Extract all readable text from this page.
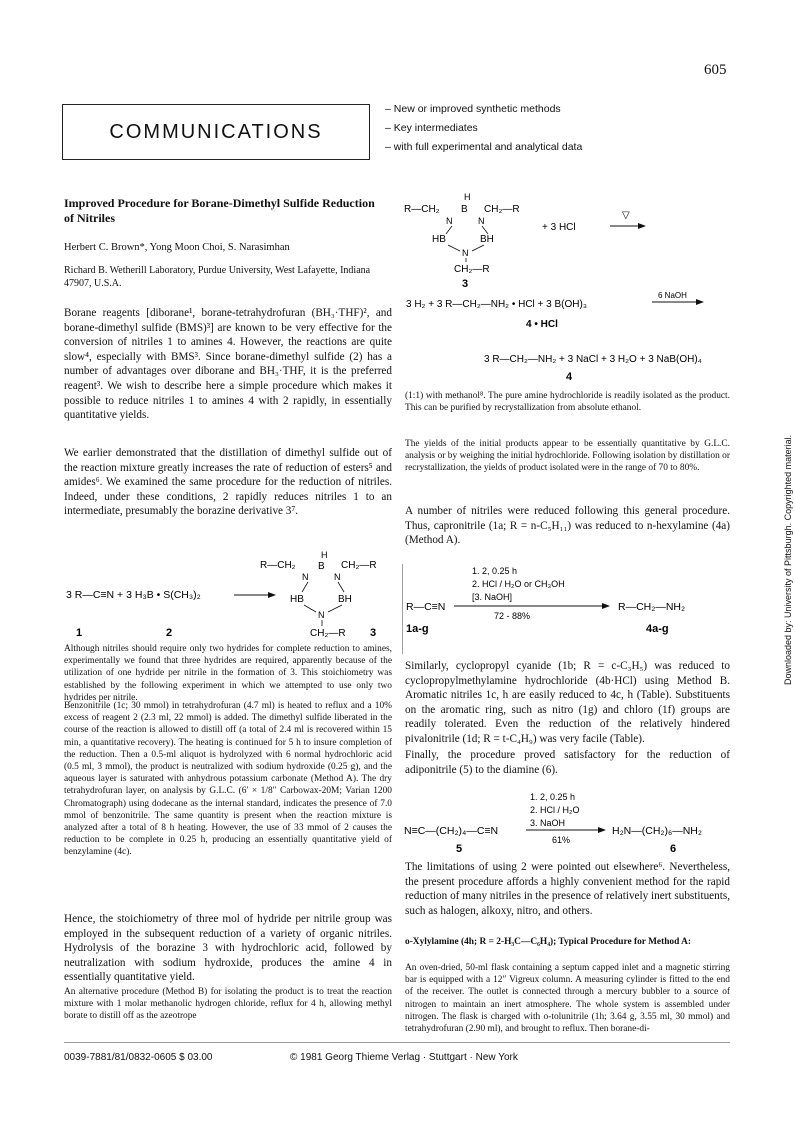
605
COMMUNICATIONS
– New or improved synthetic methods
– Key intermediates
– with full experimental and analytical data
Improved Procedure for Borane-Dimethyl Sulfide Reduction of Nitriles
Herbert C. Brown*, Yong Moon Choi, S. Narasimhan
Richard B. Wetherill Laboratory, Purdue University, West Lafayette, Indiana 47907, U.S.A.

Borane reagents [diborane¹, borane-tetrahydrofuran (BH₃·THF)², and borane-dimethyl sulfide (BMS)³] are known to be very effective for the conversion of nitriles 1 to amines 4. However, the reactions are quite slow⁴, especially with BMS³. Since borane-dimethyl sulfide (2) has a number of advantages over diborane and BH₃·THF, it is the preferred reagent³. We wish to describe here a simple procedure which makes it possible to reduce nitriles 1 to amines 4 with 2 rapidly, in essentially quantitative yields.

We earlier demonstrated that the distillation of dimethyl sulfide out of the reaction mixture greatly increases the rate of reduction of esters⁵ and amides⁶. We examined the same procedure for the reduction of nitriles. Indeed, under these conditions, 2 rapidly reduces nitriles 1 to an intermediate, presumably the borazine derivative 3⁷.

3 R—C≡N + 3 H₃B • S(CH₃)₂
R—CH₂
H
B CH₂—R
N	N
HB	BH
N
CH₂—R
1	2	3

Although nitriles should require only two hydrides for complete reduction to amines, experimentally we found that three hydrides are required, apparently because of the utilization of one hydride per nitrile in the formation of 3. This stoichiometry was established by the following experiment in which we attempted to use only two hydrides per nitrile.

Benzonitrile (1c; 30 mmol) in tetrahydrofuran (4.7 ml) is heated to reflux and a 10% excess of reagent 2 (2.3 ml, 22 mmol) is added. The dimethyl sulfide liberated in the course of the reaction is allowed to distill off (a total of 2.4 ml is recovered within 15 min, a quantitative recovery). The heating is continued for 5 h to insure completion of the reduction. Then a 0.5-ml aliquot is hydrolyzed with 6 normal hydrochloric acid (0.5 ml, 3 mmol), the product is neutralized with sodium hydroxide (0.25 g), and the aqueous layer is saturated with anhydrous potassium carbonate (Method A). The dry tetrahydrofuran layer, on analysis by G.L.C. (6′ × 1/8″ Carbowax-20M; Varian 1200 Chromatograph) using dodecane as the internal standard, indicates the presence of 7.0 mmol of benzonitrile. The same quantity is present when the reaction mixture is analyzed after a total of 8 h heating. However, the use of 33 mmol of 2 causes the reduction to be complete in 0.25 h, producing an essentially quantitative yield of benzylamine (4c).

Hence, the stoichiometry of three mol of hydride per nitrile group was employed in the subsequent reduction of a variety of organic nitriles. Hydrolysis of the borazine 3 with hydrochloric acid, followed by neutralization with sodium hydroxide, produces the amine 4 in essentially quantitative yield.

An alternative procedure (Method B) for isolating the product is to treat the reaction mixture with 1 molar methanolic hydrogen chloride, reflux for 4 h, allowing methyl borate to distill off as the azeotrope

R—CH₂
H
B CH₂—R
N	N
HB	BH
N
CH₂—R
3
+ 3 HCl
▽
3 H₂ + 3 R—CH₂—NH₂ • HCl + 3 B(OH)₃
6 NaOH
4 • HCl
3 R—CH₂—NH₂ + 3 NaCl + 3 H₂O + 3 NaB(OH)₄
4

(1:1) with methanol⁸. The pure amine hydrochloride is readily isolated as the product. This can be purified by recrystallization from absolute ethanol.

The yields of the initial products appear to be essentially quantitative by G.L.C. analysis or by weighing the initial hydrochloride. Following isolation by distillation or recrystallization, the yields of product isolated were in the range of 70 to 80%.

A number of nitriles were reduced following this general procedure. Thus, capronitrile (1a; R = n-C₅H₁₁) was reduced to n-hexylamine (4a) (Method A).

1. 2, 0.25 h
2. HCl / H₂O or CH₃OH
[3. NaOH]
R—C≡N
72 - 88%
R—CH₂—NH₂
1a-g	4a-g

Similarly, cyclopropyl cyanide (1b; R = c-C₃H₅) was reduced to cyclopropylmethylamine hydrochloride (4b·HCl) using Method B. Aromatic nitriles 1c, h are easily reduced to 4c, h (Table). Substituents on the aromatic ring, such as nitro (1g) and chloro (1f) groups are readily tolerated. Even the reduction of the relatively hindered pivalonitrile (1d; R = t-C₄H₉) was very facile (Table).

Finally, the procedure proved satisfactory for the reduction of adiponitrile (5) to the diamine (6).

1. 2, 0.25 h
2. HCl / H₂O
3. NaOH
N≡C—(CH₂)₄—C≡N
61%
H₂N—(CH₂)₆—NH₂
5	6

The limitations of using 2 were pointed out elsewhere⁶. Nevertheless, the present procedure affords a highly convenient method for the rapid reduction of many nitriles in the presence of relatively inert substituents, such as halogen, alkoxy, nitro, and others.

o-Xylylamine (4h; R = 2-H₃C—C₆H₄); Typical Procedure for Method A:

An oven-dried, 50-ml flask containing a septum capped inlet and a magnetic stirring bar is equipped with a 12″ Vigreux column. A measuring cylinder is fitted to the end of the receiver. The outlet is connected through a mercury bubbler to a source of nitrogen to maintain an inert atmosphere. The whole system is assembled under nitrogen. The flask is charged with o-tolunitrile (1h; 3.64 g, 3.55 ml, 30 mmol) and tetrahydrofuran (2.90 ml), and brought to reflux. Then borane-di-

0039-7881/81/0832-0605 $ 03.00	© 1981 Georg Thieme Verlag · Stuttgart · New York
Downloaded by: University of Pittsburgh. Copyrighted material.
